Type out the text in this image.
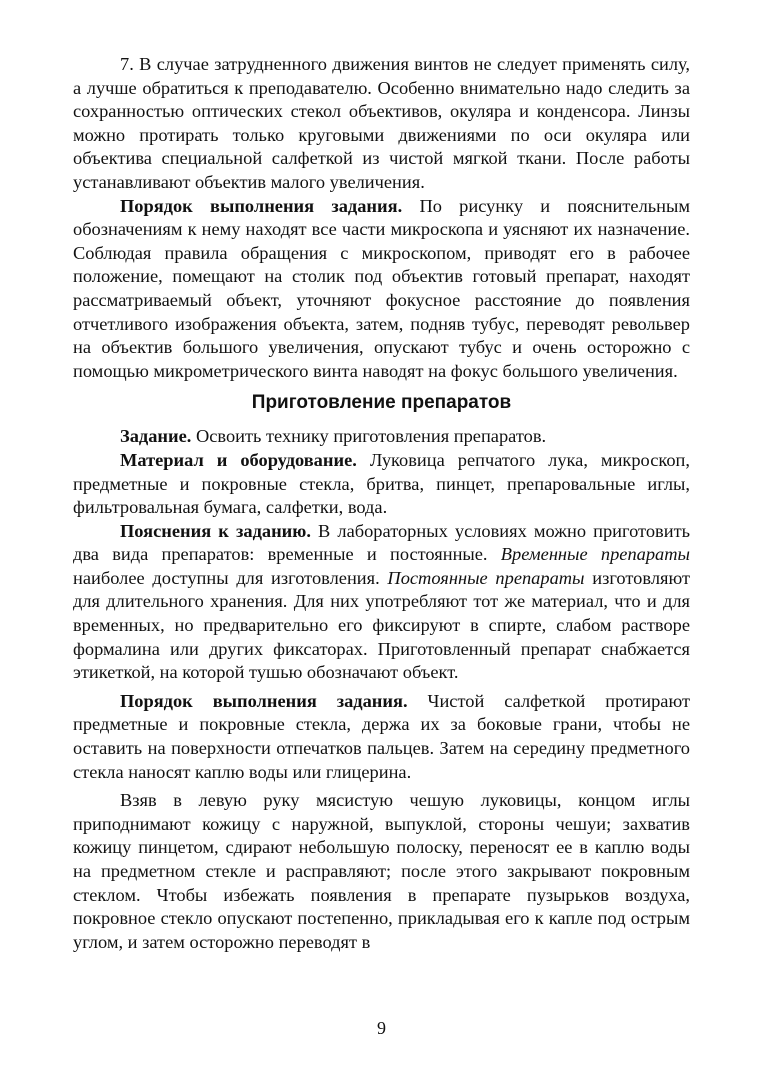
7. В случае затрудненного движения винтов не следует применять силу, а лучше обратиться к преподавателю. Особенно внимательно надо следить за сохранностью оптических стекол объективов, окуляра и конденсора. Линзы можно протирать только круговыми движениями по оси окуляра или объектива специальной салфеткой из чистой мягкой ткани. После работы устанавливают объектив малого увеличения.

Порядок выполнения задания. По рисунку и пояснительным обозначениям к нему находят все части микроскопа и уясняют их назначение. Соблюдая правила обращения с микроскопом, приводят его в рабочее положение, помещают на столик под объектив готовый препарат, находят рассматриваемый объект, уточняют фокусное расстояние до появления отчетливого изображения объекта, затем, подняв тубус, переводят револьвер на объектив большого увеличения, опускают тубус и очень осторожно с помощью микрометрического винта наводят на фокус большого увеличения.

Приготовление препаратов

Задание. Освоить технику приготовления препаратов.

Материал и оборудование. Луковица репчатого лука, микроскоп, предметные и покровные стекла, бритва, пинцет, препаровальные иглы, фильтровальная бумага, салфетки, вода.

Пояснения к заданию. В лабораторных условиях можно приготовить два вида препаратов: временные и постоянные. Временные препараты наиболее доступны для изготовления. Постоянные препараты изготовляют для длительного хранения. Для них употребляют тот же материал, что и для временных, но предварительно его фиксируют в спирте, слабом растворе формалина или других фиксаторах. Приготовленный препарат снабжается этикеткой, на которой тушью обозначают объект.

Порядок выполнения задания. Чистой салфеткой протирают предметные и покровные стекла, держа их за боковые грани, чтобы не оставить на поверхности отпечатков пальцев. Затем на середину предметного стекла наносят каплю воды или глицерина.

Взяв в левую руку мясистую чешую луковицы, концом иглы приподнимают кожицу с наружной, выпуклой, стороны чешуи; захватив кожицу пинцетом, сдирают небольшую полоску, переносят ее в каплю воды на предметном стекле и расправляют; после этого закрывают покровным стеклом. Чтобы избежать появления в препарате пузырьков воздуха, покровное стекло опускают постепенно, прикладывая его к капле под острым углом, и затем осторожно переводят в

9
